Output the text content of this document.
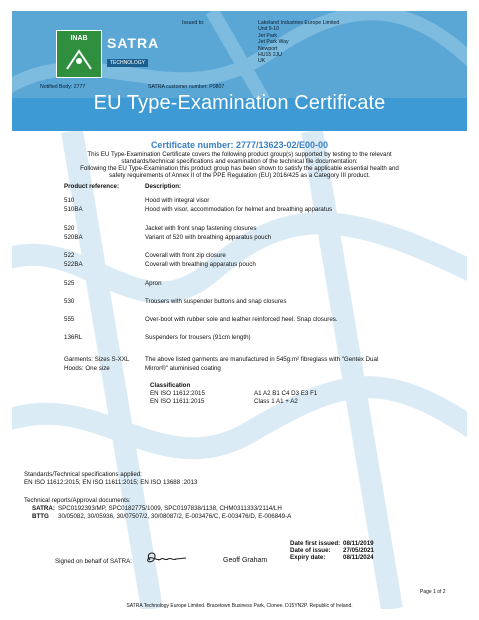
INAB	SATRA
TECHNOLOGY
Issued to:	Lakeland Industries Europe Limited
Unit 9-10
Jet Park
Jet Park Way
Newport
HU15 2JU
UK
Notified Body: 2777	SATRA customer number: P0807
EU Type-Examination Certificate
Certificate number: 2777/13623-02/E00-00
This EU Type-Examination Certificate covers the following product group(s) supported by testing to the relevant
standards/technical specifications and examination of the technical file documentation:
Following the EU Type-Examination this product group has been shown to satisfy the applicable essential health and
safety requirements of Annex II of the PPE Regulation (EU) 2016/425 as a Category III product.
Product reference:	Description:
510	Hood with integral visor
510BA	Hood with visor, accommodation for helmet and breathing apparatus
520	Jacket with front snap fastening closures
520BA	Variant of 520 with breathing apparatus pouch
522	Coverall with front zip closure
522BA	Coverall with breathing apparatus pouch
525	Apron
530	Trousers with suspender buttons and snap closures
555	Over-boot with rubber sole and leather reinforced heel. Snap closures.
136RL	Suspenders for trousers (91cm length)
Garments: Sizes S-XXL
Hoods: One size
The above listed garments are manufactured in 545g.m² fibreglass with "Gentex Dual
Mirror®" aluminised coating
Classification
EN ISO 11612:2015	A1 A2 B1 C4 D3 E3 F1
EN ISO 11611:2015	Class 1 A1 + A2
Standards/Technical specifications applied:
EN ISO 11612:2015; EN ISO 11611:2015; EN ISO 13688 :2013
Technical reports/Approval documents:
SATRA: SPC0192393/MP, SPC0182775/1009, SPC0197838/1138, CHM0311333/2114/LH
BTTG 30/05082, 30/05936, 30/07507/2, 30/08087/2, E-003476/C, E-003476/D, E-006849-A
Signed on behalf of SATRA:	Geoff Graham
Date first issued: 08/11/2019
Date of issue: 27/05/2021
Expiry date:	08/11/2024
Page 1 of 2
SATRA Technology Europe Limited. Bracetown Business Park, Clonee. D15YN2P. Republic of Ireland.
